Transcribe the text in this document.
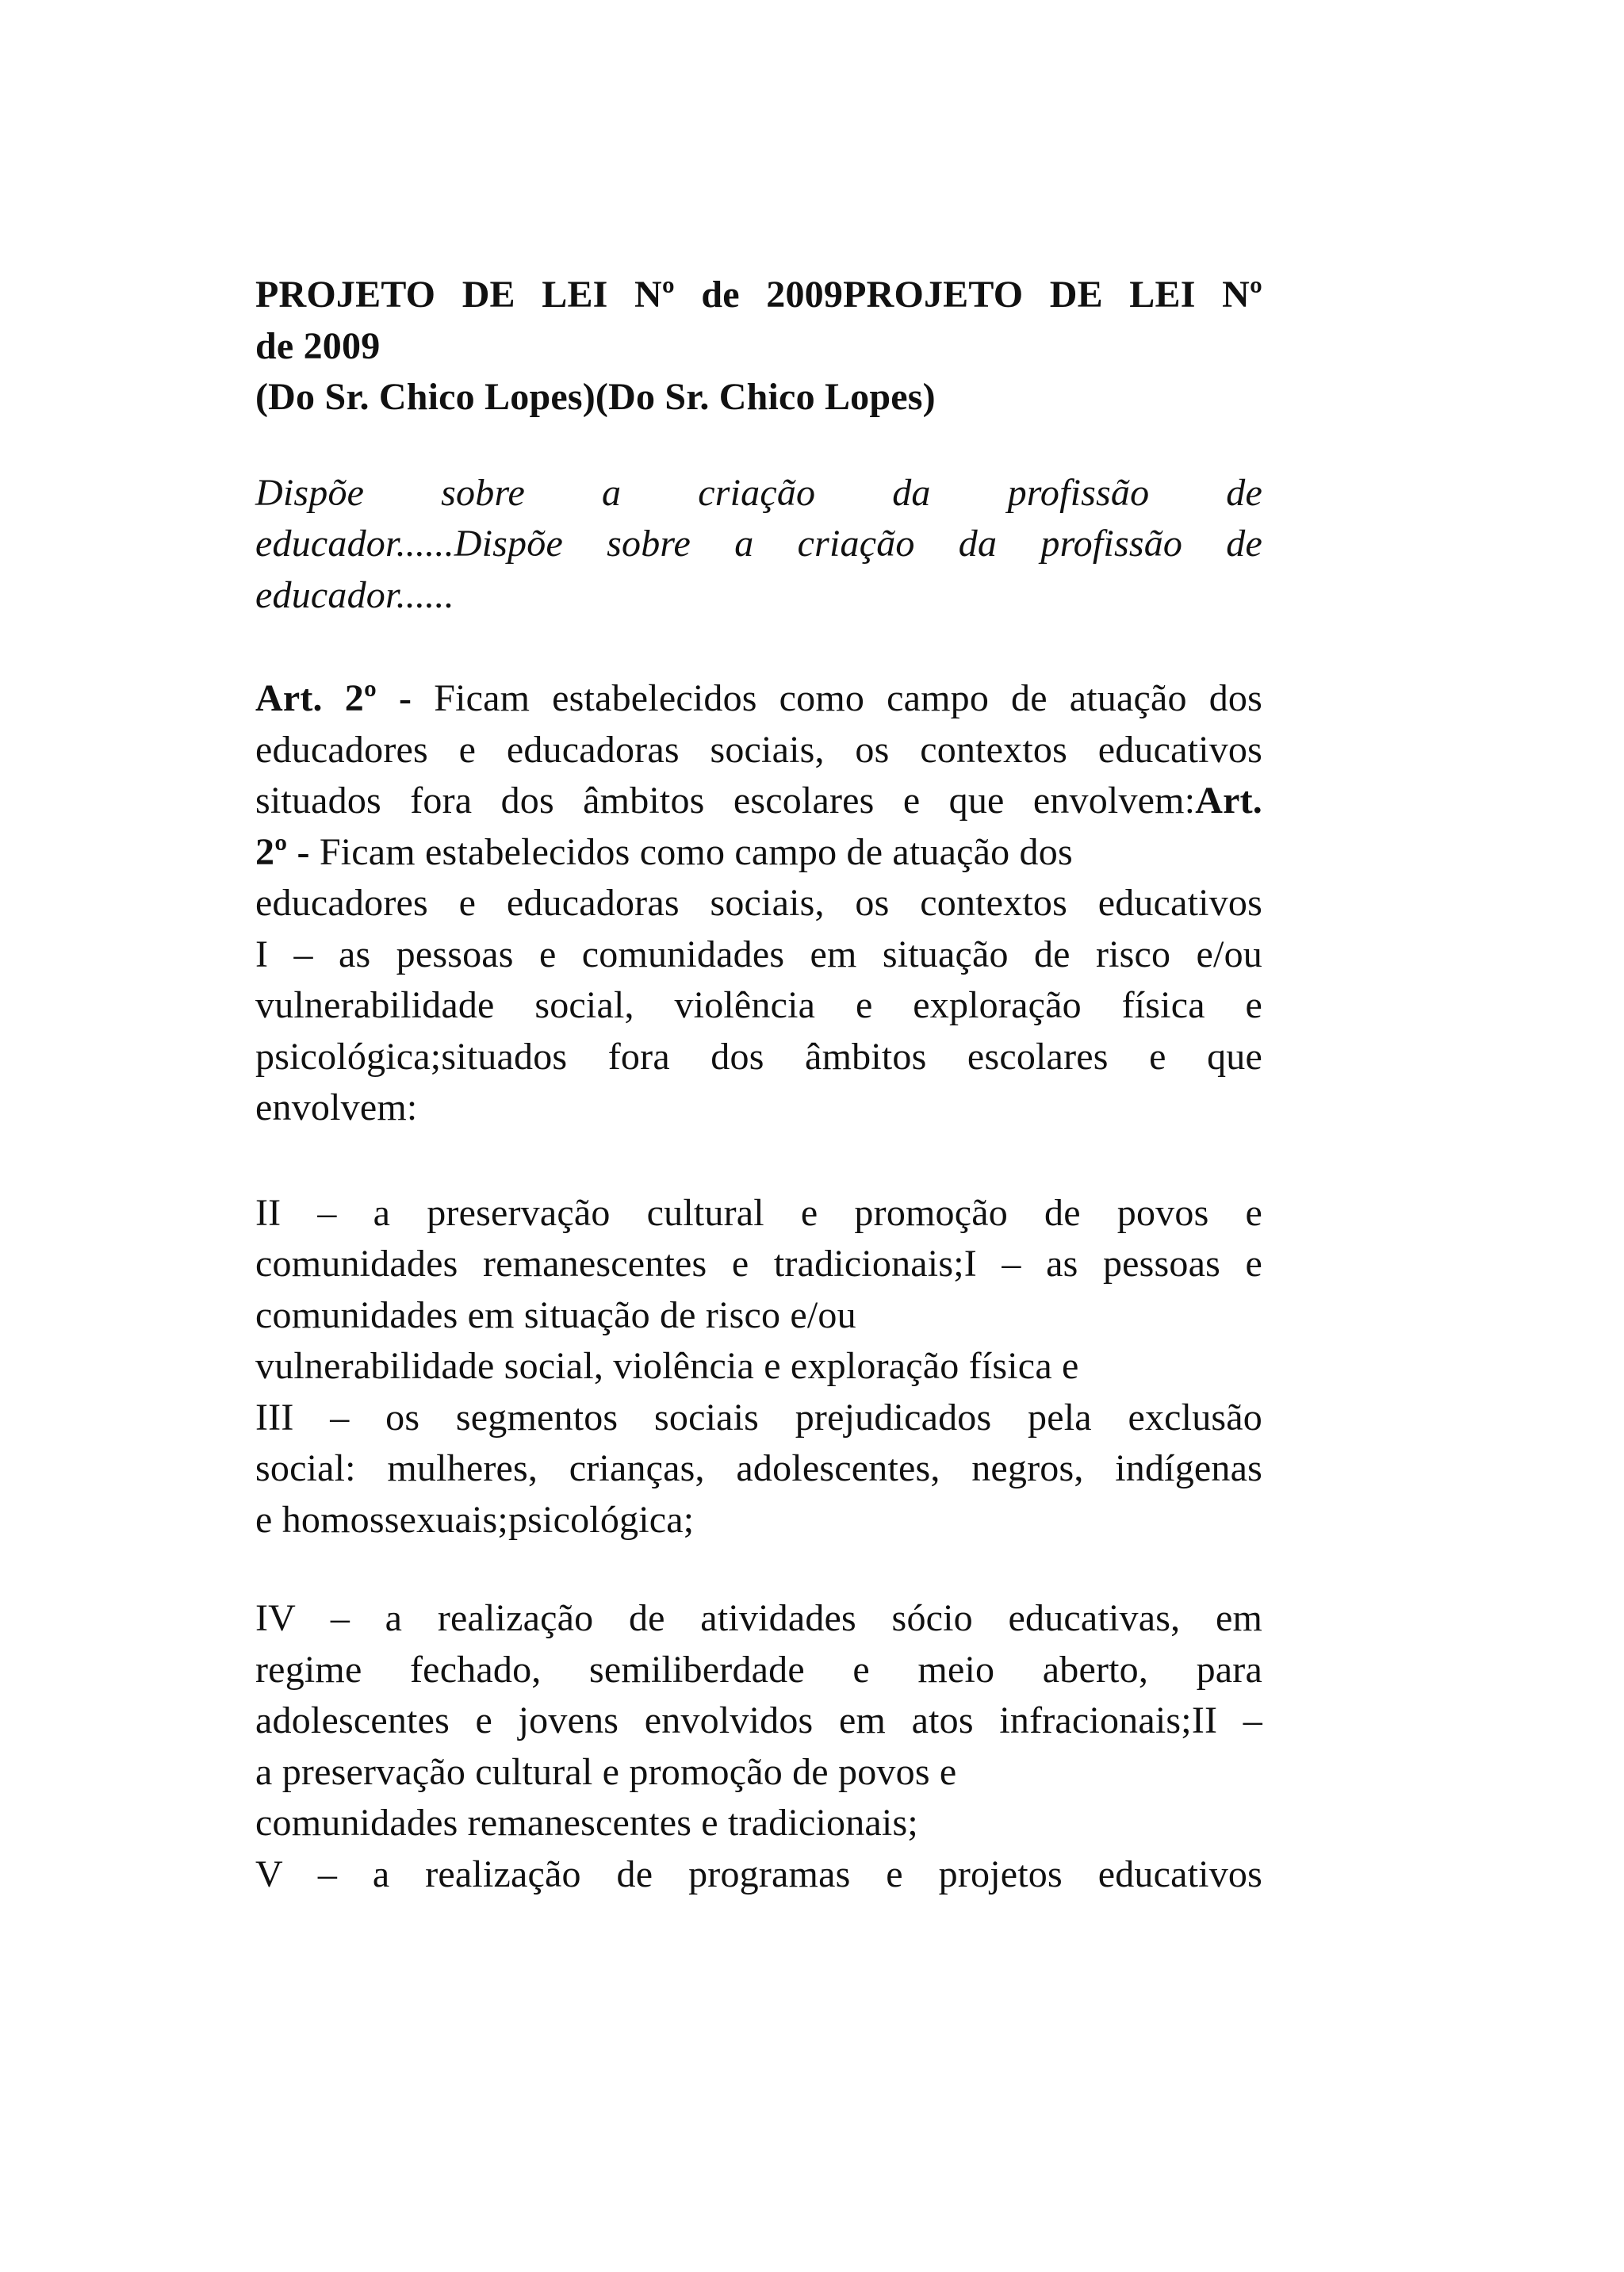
PROJETO DE LEI Nº de 2009PROJETO DE LEI Nº
de 2009
(Do Sr. Chico Lopes)(Do Sr. Chico Lopes)
Dispõe sobre a criação da profissão de
educador......Dispõe sobre a criação da profissão de
educador......
Art. 2º - Ficam estabelecidos como campo de atuação dos
educadores e educadoras sociais, os contextos educativos
situados fora dos âmbitos escolares e que envolvem:Art.
2º - Ficam estabelecidos como campo de atuação dos
educadores e educadoras sociais, os contextos educativos
I – as pessoas e comunidades em situação de risco e/ou
vulnerabilidade social, violência e exploração física e
psicológica;situados fora dos âmbitos escolares e que
envolvem:
II – a preservação cultural e promoção de povos e
comunidades remanescentes e tradicionais;I – as pessoas e
comunidades em situação de risco e/ou
vulnerabilidade social, violência e exploração física e
III – os segmentos sociais prejudicados pela exclusão
social: mulheres, crianças, adolescentes, negros, indígenas
e homossexuais;psicológica;
IV – a realização de atividades sócio educativas, em
regime fechado, semiliberdade e meio aberto, para
adolescentes e jovens envolvidos em atos infracionais;II –
a preservação cultural e promoção de povos e
comunidades remanescentes e tradicionais;
V – a realização de programas e projetos educativos
